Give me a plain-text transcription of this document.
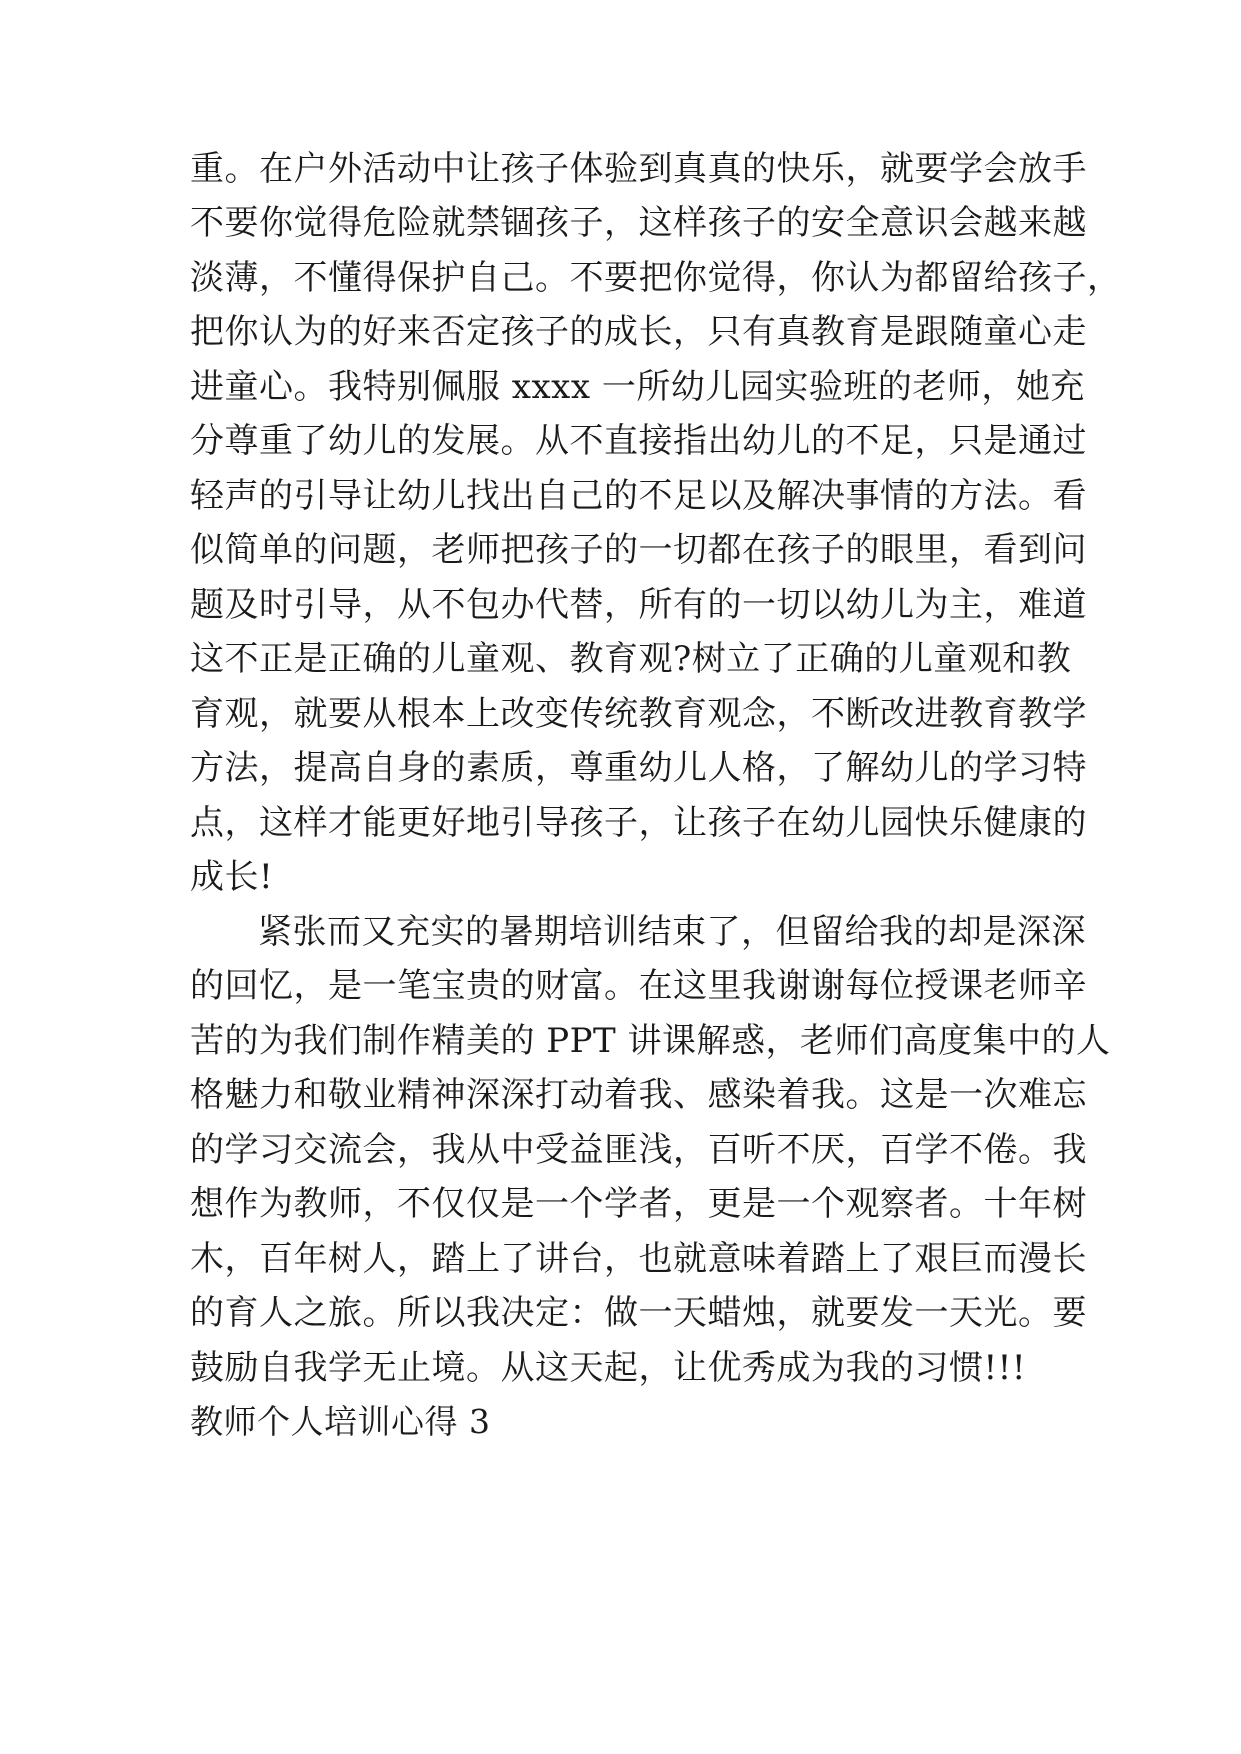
重。在户外活动中让孩子体验到真真的快乐，就要学会放手
不要你觉得危险就禁锢孩子，这样孩子的安全意识会越来越
淡薄，不懂得保护自己。不要把你觉得，你认为都留给孩子，
把你认为的好来否定孩子的成长，只有真教育是跟随童心走
进童心。我特别佩服 xxxx 一所幼儿园实验班的老师，她充
分尊重了幼儿的发展。从不直接指出幼儿的不足，只是通过
轻声的引导让幼儿找出自己的不足以及解决事情的方法。看
似简单的问题，老师把孩子的一切都在孩子的眼里，看到问
题及时引导，从不包办代替，所有的一切以幼儿为主，难道
这不正是正确的儿童观、教育观?树立了正确的儿童观和教
育观，就要从根本上改变传统教育观念，不断改进教育教学
方法，提高自身的素质，尊重幼儿人格，了解幼儿的学习特
点，这样才能更好地引导孩子，让孩子在幼儿园快乐健康的
成长!
紧张而又充实的暑期培训结束了，但留给我的却是深深
的回忆，是一笔宝贵的财富。在这里我谢谢每位授课老师辛
苦的为我们制作精美的 PPT 讲课解惑，老师们高度集中的人
格魅力和敬业精神深深打动着我、感染着我。这是一次难忘
的学习交流会，我从中受益匪浅，百听不厌，百学不倦。我
想作为教师，不仅仅是一个学者，更是一个观察者。十年树
木，百年树人，踏上了讲台，也就意味着踏上了艰巨而漫长
的育人之旅。所以我决定：做一天蜡烛，就要发一天光。要
鼓励自我学无止境。从这天起，让优秀成为我的习惯!!!
教师个人培训心得 3
